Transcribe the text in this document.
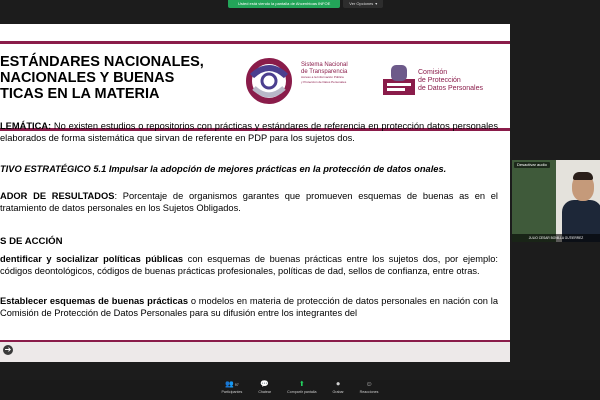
Usted está viendo la pantalla de Ahcenhtoas INFOE	Ver Opciones ▾
ESTÁNDARES NACIONALES,
NACIONALES Y BUENAS
TICAS EN LA MATERIA
Sistema Nacional
de Transparencia
Acceso a la Información Pública
y Protección de Datos Personales
Comisión
de Protección
de Datos Personales
LEMÁTICA: No existen estudios o repositorios con prácticas y estándares de referencia en protección datos personales elaborados de forma sistemática que sirvan de referente en PDP para los sujetos dos.
TIVO ESTRATÉGICO 5.1 Impulsar la adopción de mejores prácticas en la protección de datos onales.
ADOR DE RESULTADOS: Porcentaje de organismos garantes que promueven esquemas de buenas as en el tratamiento de datos personales en los Sujetos Obligados.
S DE ACCIÓN
dentificar y socializar políticas públicas con esquemas de buenas prácticas entre los sujetos dos, por ejemplo: códigos deontológicos, códigos de buenas prácticas profesionales, políticas de dad, sellos de confianza, entre otras.
Establecer esquemas de buenas prácticas o modelos en materia de protección de datos personales en nación con la Comisión de Protección de Datos Personales para su difusión entre los integrantes del
➔
Desactivar audio
JULIO CESAR BONILLA GUTIERREZ
👥$^{97}$
Participantes
💬
Chatear
⬆
Compartir pantalla
⏺
Grabar
☺
Reacciones
